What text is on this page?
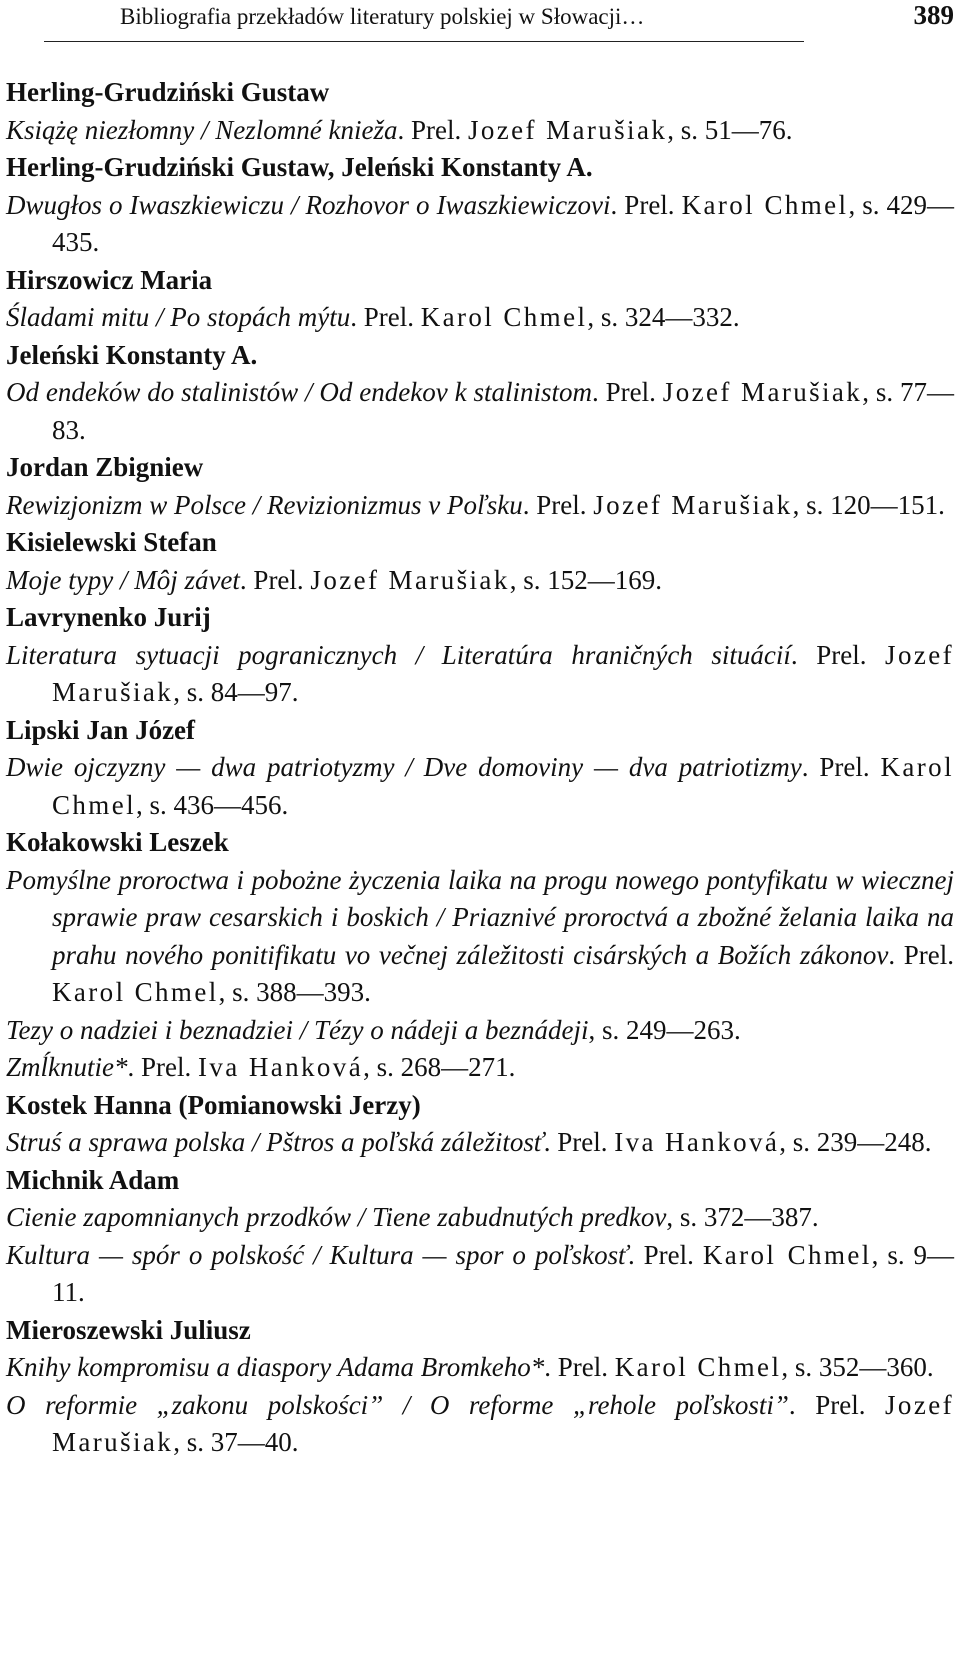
Bibliografia przekładów literatury polskiej w Słowacji…	389
Herling-Grudziński Gustaw
Książę niezłomny / Nezlomné knieža. Prel. Jozef Marušiak, s. 51—76.
Herling-Grudziński Gustaw, Jeleński Konstanty A.
Dwugłos o Iwaszkiewiczu / Rozhovor o Iwaszkiewiczovi. Prel. Karol Chmel, s. 429—435.
Hirszowicz Maria
Śladami mitu / Po stopách mýtu. Prel. Karol Chmel, s. 324—332.
Jeleński Konstanty A.
Od endeków do stalinistów / Od endekov k stalinistom. Prel. Jozef Marušiak, s. 77—83.
Jordan Zbigniew
Rewizjonizm w Polsce / Revizionizmus v Poľsku. Prel. Jozef Marušiak, s. 120—151.
Kisielewski Stefan
Moje typy / Môj závet. Prel. Jozef Marušiak, s. 152—169.
Lavrynenko Jurij
Literatura sytuacji pogranicznych / Literatúra hraničných situácií. Prel. Jozef Marušiak, s. 84—97.
Lipski Jan Józef
Dwie ojczyzny — dwa patriotyzmy / Dve domoviny — dva patriotizmy. Prel. Karol Chmel, s. 436—456.
Kołakowski Leszek
Pomyślne proroctwa i pobożne życzenia laika na progu nowego pontyfikatu w wiecznej sprawie praw cesarskich i boskich / Priaznivé proroctvá a zbožné želania laika na prahu nového ponitifikatu vo večnej záležitosti cisárských a Božích zákonov. Prel. Karol Chmel, s. 388—393.
Tezy o nadziei i beznadziei / Tézy o nádeji a beznádeji, s. 249—263.
Zmĺknutie*. Prel. Iva Hanková, s. 268—271.
Kostek Hanna (Pomianowski Jerzy)
Struś a sprawa polska / Pštros a poľská záležitosť. Prel. Iva Hanková, s. 239—248.
Michnik Adam
Cienie zapomnianych przodków / Tiene zabudnutých predkov, s. 372—387.
Kultura — spór o polskość / Kultura — spor o poľskosť. Prel. Karol Chmel, s. 9—11.
Mieroszewski Juliusz
Knihy kompromisu a diaspory Adama Bromkeho*. Prel. Karol Chmel, s. 352—360.
O reformie „zakonu polskości” / O reforme „rehole poľskosti”. Prel. Jozef Marušiak, s. 37—40.
